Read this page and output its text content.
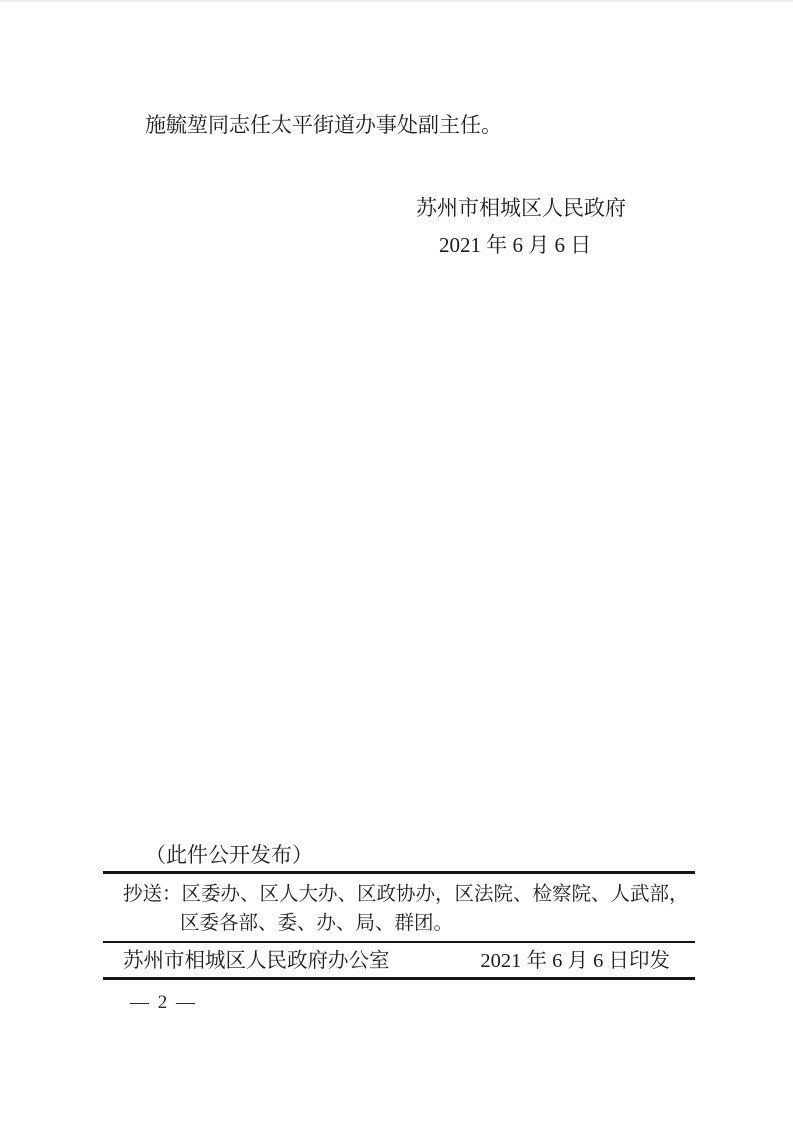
施毓堃同志任太平街道办事处副主任。

苏州市相城区人民政府
2021 年 6 月 6 日
（此件公开发布）
抄送：区委办、区人大办、区政协办，区法院、检察院、人武部，
区委各部、委、办、局、群团。
苏州市相城区人民政府办公室	2021 年 6 月 6 日印发
— 2 —
